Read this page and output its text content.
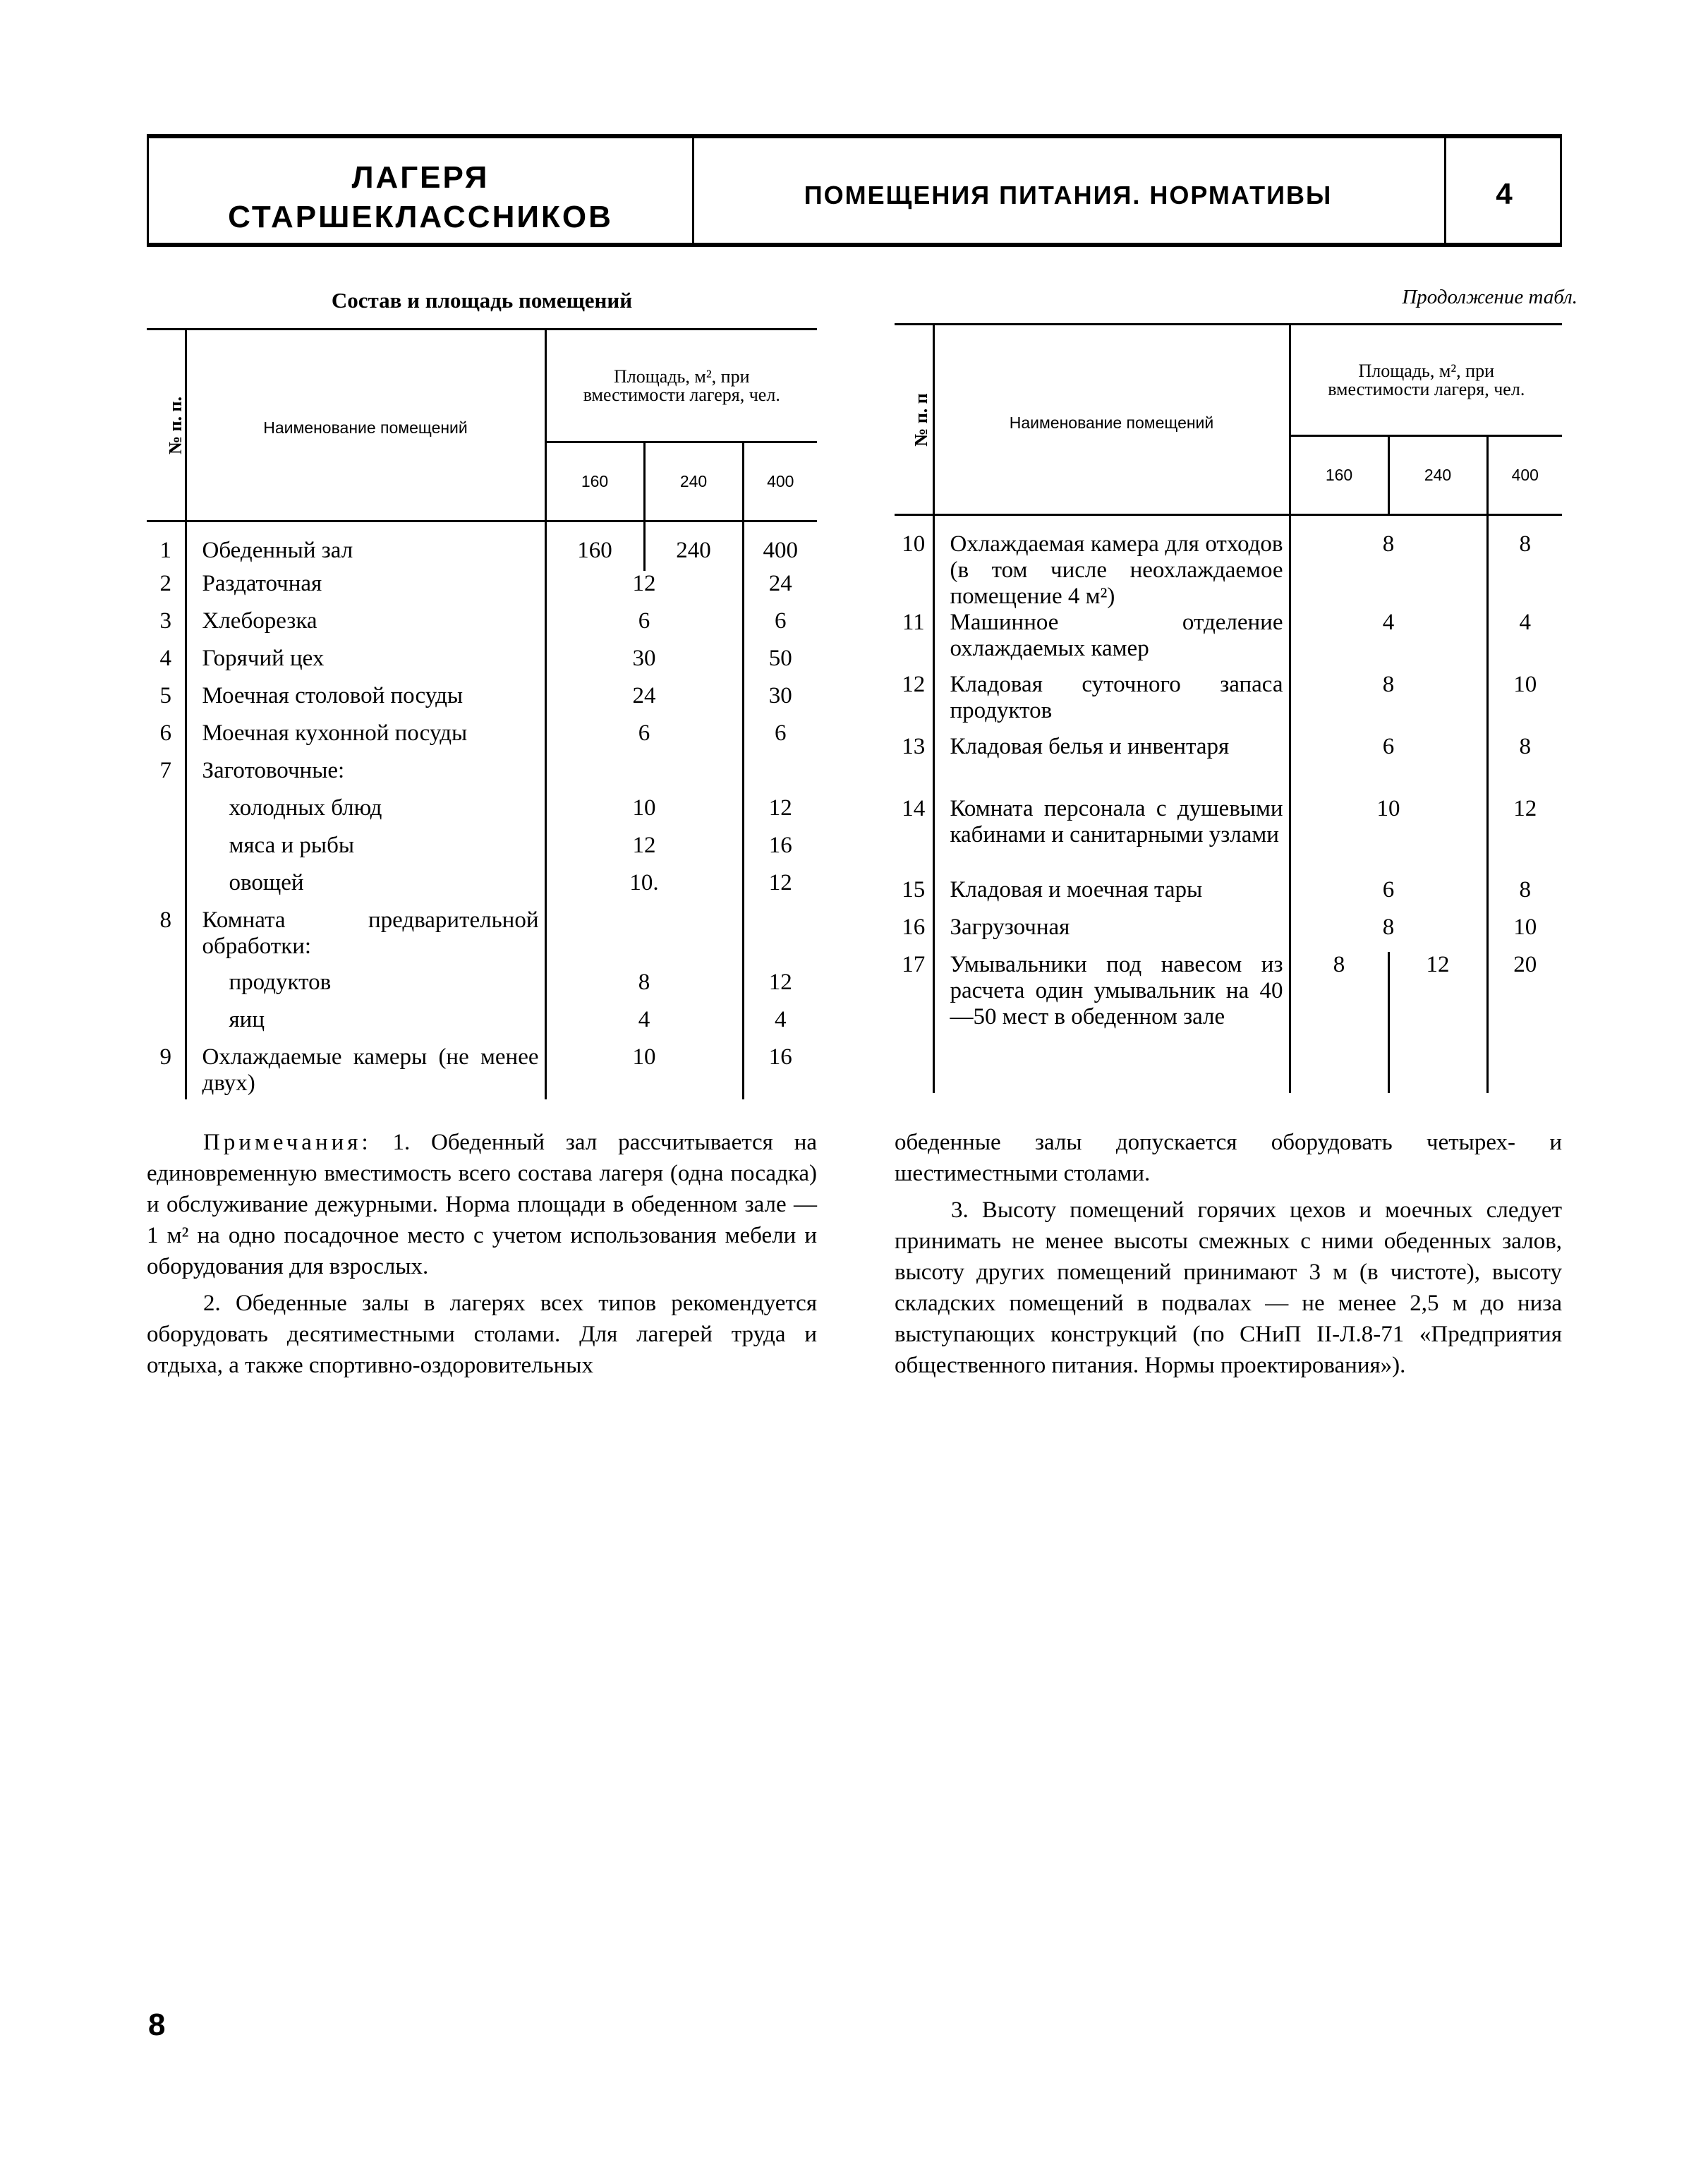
ЛАГЕРЯ
СТАРШЕКЛАССНИКОВ
ПОМЕЩЕНИЯ ПИТАНИЯ. НОРМАТИВЫ	4
Состав и площадь помещений	Продолжение табл.
№ п. п.	Наименование помещений	Площадь, м², при вместимости лагеря, чел.		
		160	240	400
1	Обеденный зал	160	240	400
2	Раздаточная	12		24
3	Хлеборезка	6		6
4	Горячий цех	30		50
5	Моечная столовой посуды	24		30
6	Моечная кухонной посуды	6		6
7	Заготовочные:			
	холодных блюд	10		12
	мяса и рыбы	12		16
	овощей	10.		12
8	Комната предварительной обработки:			
	продуктов	8		12
	яиц	4		4
9	Охлаждаемые камеры (не менее двух)	10		16
№ п. п	Наименование помещений	Площадь, м², при вместимости лагеря, чел.		
		160	240	400
10	Охлаждаемая камера для отходов (в том числе неохлаждаемое помещение 4 м²)	8		8
11	Машинное отделение охлаждаемых камер	4		4
12	Кладовая суточного запаса продуктов	8		10
13	Кладовая белья и инвентаря	6		8
14	Комната персонала с душевыми кабинами и санитарными узлами	10		12
15	Кладовая и моечная тары	6		8
16	Загрузочная	8		10
17	Умывальники под навесом из расчета один умывальник на 40—50 мест в обеденном зале	8	12	20

Примечания: 1. Обеденный зал рассчитывается на единовременную вместимость всего состава лагеря (одна посадка) и обслуживание дежурными. Норма площади в обеденном зале — 1 м² на одно посадочное место с учетом использования мебели и оборудования для взрослых.

2. Обеденные залы в лагерях всех типов рекомендуется оборудовать десятиместными столами. Для лагерей труда и отдыха, а также спортивно-оздоровительных

обеденные залы допускается оборудовать четырех- и шестиместными столами.

3. Высоту помещений горячих цехов и моечных следует принимать не менее высоты смежных с ними обеденных залов, высоту других помещений принимают 3 м (в чистоте), высоту складских помещений в подвалах — не менее 2,5 м до низа выступающих конструкций (по СНиП II-Л.8-71 «Предприятия общественного питания. Нормы проектирования»).

8
